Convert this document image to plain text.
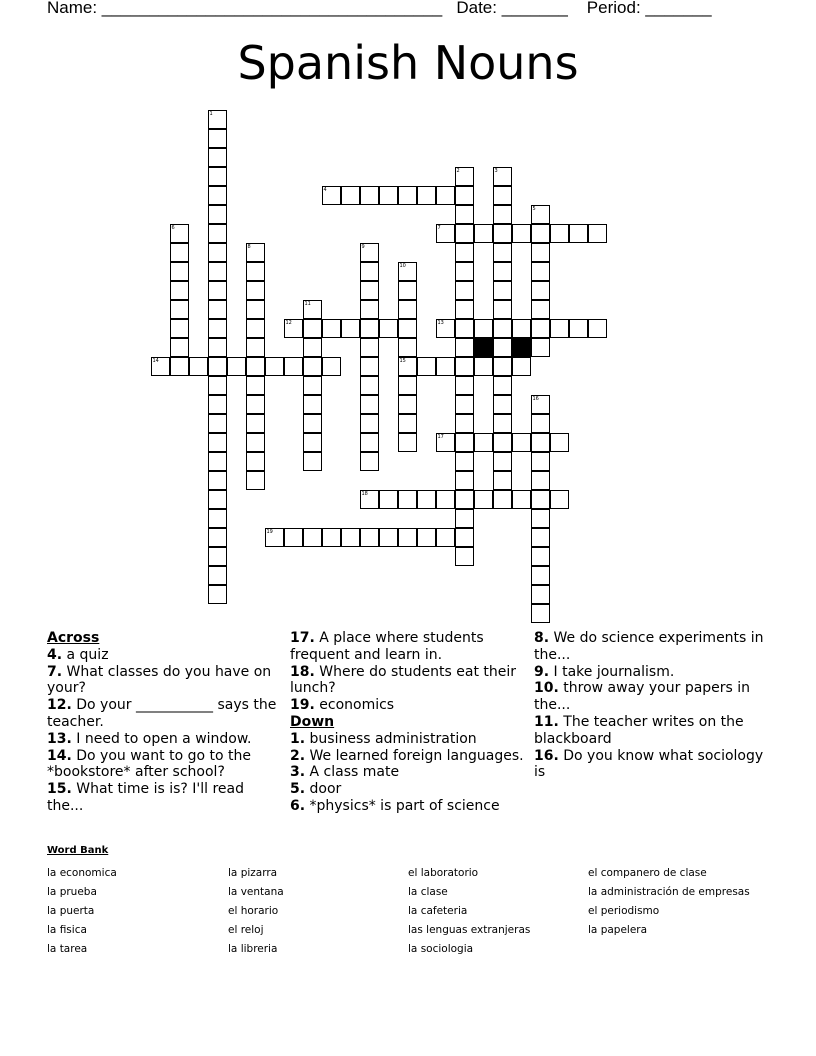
Name: ____________________________________ Date: _______ Period: _______
Spanish Nouns
1
2	3
4
5
6	7
8	9
10
15
11
12	13
14
16
17
18
19
Across
4. a quiz
7. What classes do you have on your?
12. Do your ___________ says the teacher.
13. I need to open a window.
14. Do you want to go to the *bookstore* after school?
15. What time is is? I'll read the...
17. A place where students frequent and learn in.
18. Where do students eat their lunch?
19. economics
Down
1. business administration
2. We learned foreign languages.
3. A class mate
5. door
6. *physics* is part of science
8. We do science experiments in the...
9. I take journalism.
10. throw away your papers in the...
11. The teacher writes on the blackboard
16. Do you know what sociology is
Word Bank
la economica
la prueba
la puerta
la fisica
la tarea
la pizarra
la ventana
el horario
el reloj
la libreria
el laboratorio
la clase
la cafeteria
las lenguas extranjeras
la sociologia
el companero de clase
la administración de empresas
el periodismo
la papelera
